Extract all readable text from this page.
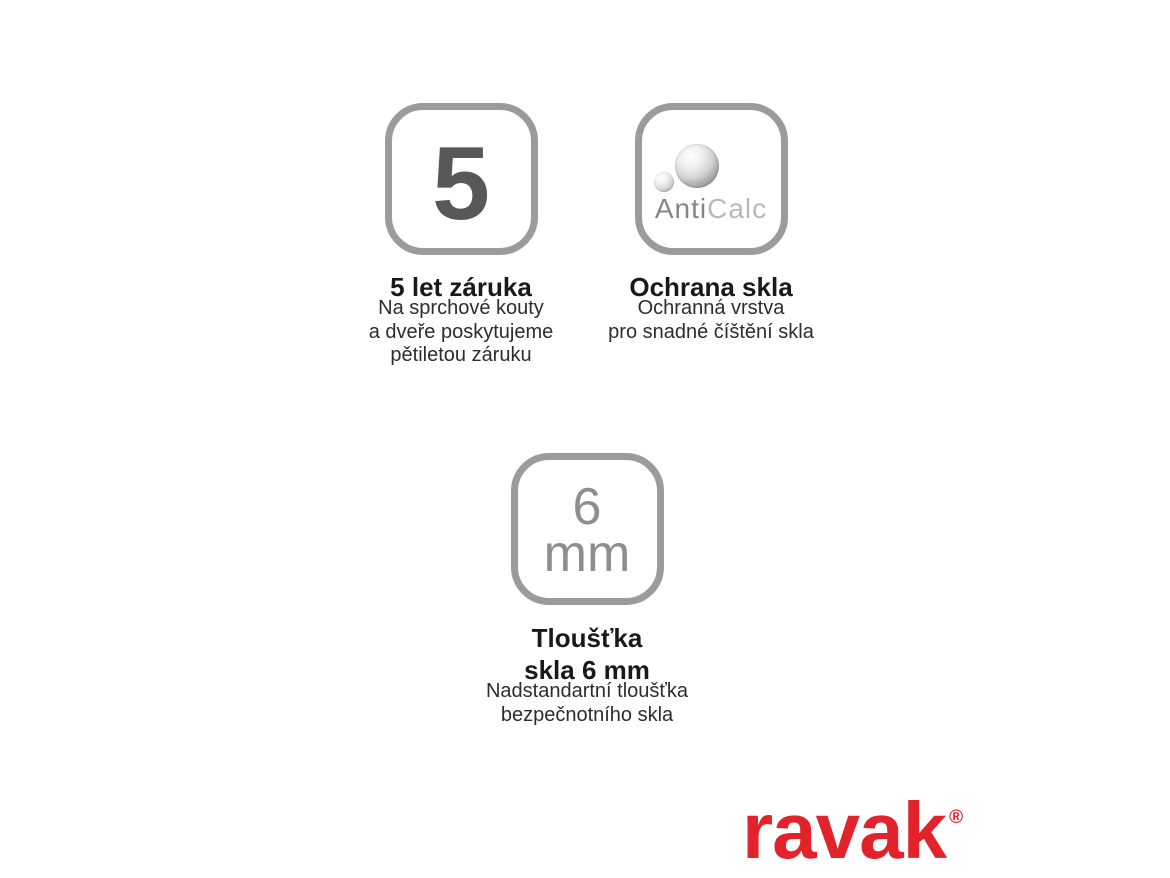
5
5 let záruka

Na sprchové kouty
a dveře poskytujeme
pětiletou záruku

AntiCalc
Ochrana skla

Ochranná vrstva
pro snadné číštění skla

6
mm
Tloušťka
skla 6 mm

Nadstandartní tloušťka
bezpečnotního skla

ravak ®
